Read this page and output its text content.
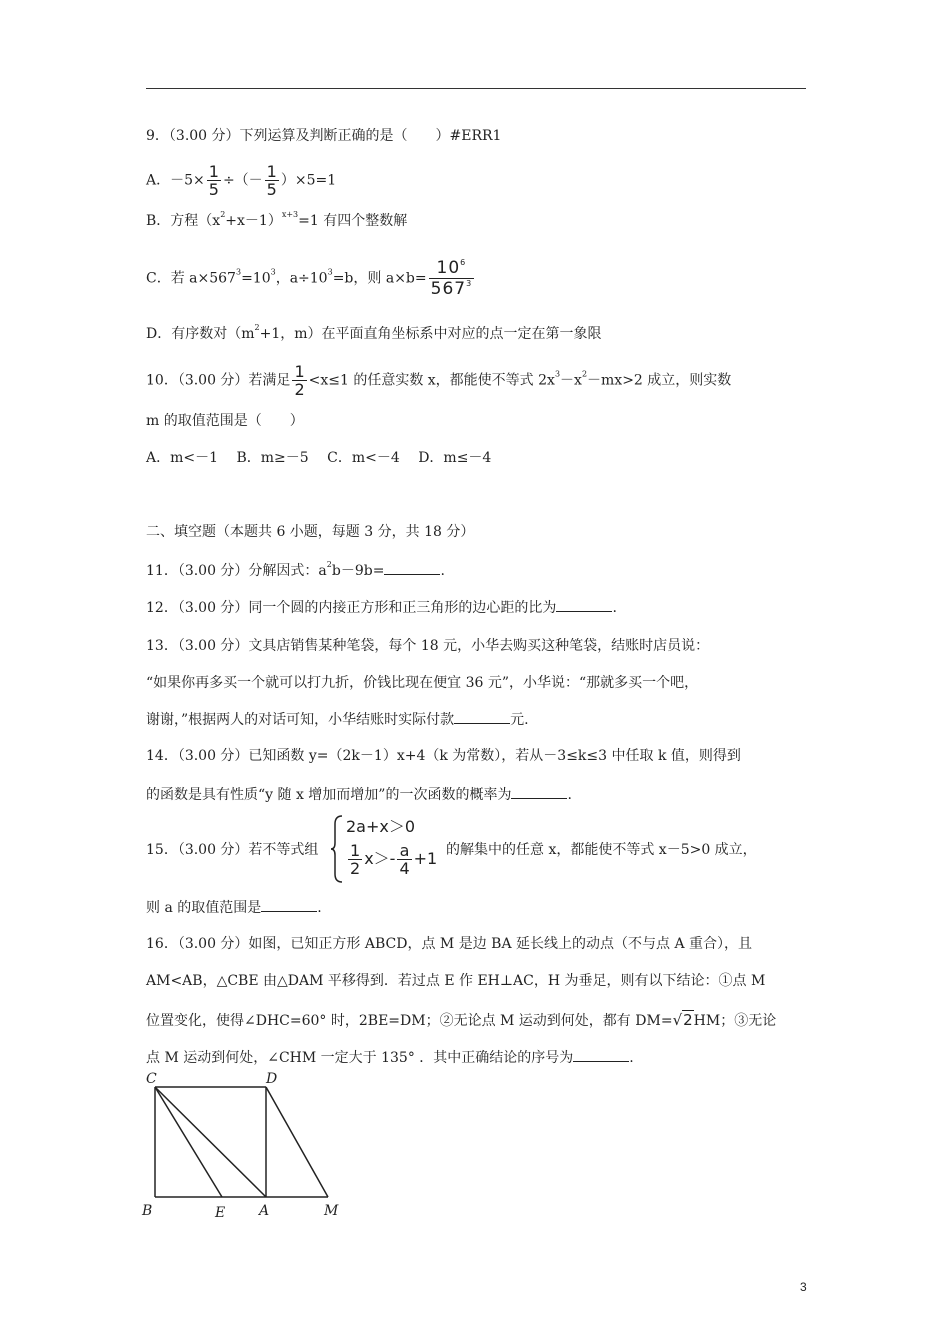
9．（3.00 分）下列运算及判断正确的是（　　）#ERR1
A．$-5\times \frac{1}{5}$ ÷（－ $\frac{1}{5} )\times 5=1$
B．方程$(x^2+x-1)^{x+3}=1$ 有四个整数解
C．若 $a\times 567^3=10^3$，$a\div 10^3=b$，则 $a\times b= \frac{10^6}{567^3}$
D．有序数对（$m^2+1$，m）在平面直角坐标系中对应的点一定在第一象限
10．（3.00 分）若满足 $\frac{1}{2} <x\le 1$ 的任意实数 x，都能使不等式 $2x^3-x^2-mx>2$ 成立，则实数
m 的取值范围是（　　）
A．m<－1　 B．m≥－5　 C．m<－4　 D．m≤－4
二、填空题（本题共 6 小题，每题 3 分，共 18 分）
11．（3.00 分）分解因式：$a^2b-9b=$	.
12．（3.00 分）同一个圆的内接正方形和正三角形的边心距的比为	.
13．（3.00 分）文具店销售某种笔袋，每个 18 元，小华去购买这种笔袋，结账时店员说：
“如果你再多买一个就可以打九折，价钱比现在便宜 36 元”，小华说：“那就多买一个吧，
谢谢，”根据两人的对话可知，小华结账时实际付款	元.
14．（3.00 分）已知函数 y=（2k－1）x+4（k 为常数），若从－3≤k≤3 中任取 k 值，则得到
的函数是具有性质“y 随 x 增加而增加”的一次函数的概率为	.
15．（3.00 分）若不等式组
2a+x＞0
$\frac{1}{2} x>- \frac{a}{4} +1$ 的解集中的任意 x，都能使不等式 x－5>0 成立，
则 a 的取值范围是	.
16．（3.00 分）如图，已知正方形 ABCD，点 M 是边 BA 延长线上的动点（不与点 A 重合），且
AM<AB，△CBE 由△DAM 平移得到．若过点 E 作 EH⊥AC，H 为垂足，则有以下结论：①点 M
位置变化，使得∠DHC=60° 时，2BE=DM；②无论点 M 运动到何处，都有 DM=√2HM；③无论
点 M 运动到何处，∠CHM 一定大于 135° ．其中正确结论的序号为	.
C	D
B	E A	M
3
